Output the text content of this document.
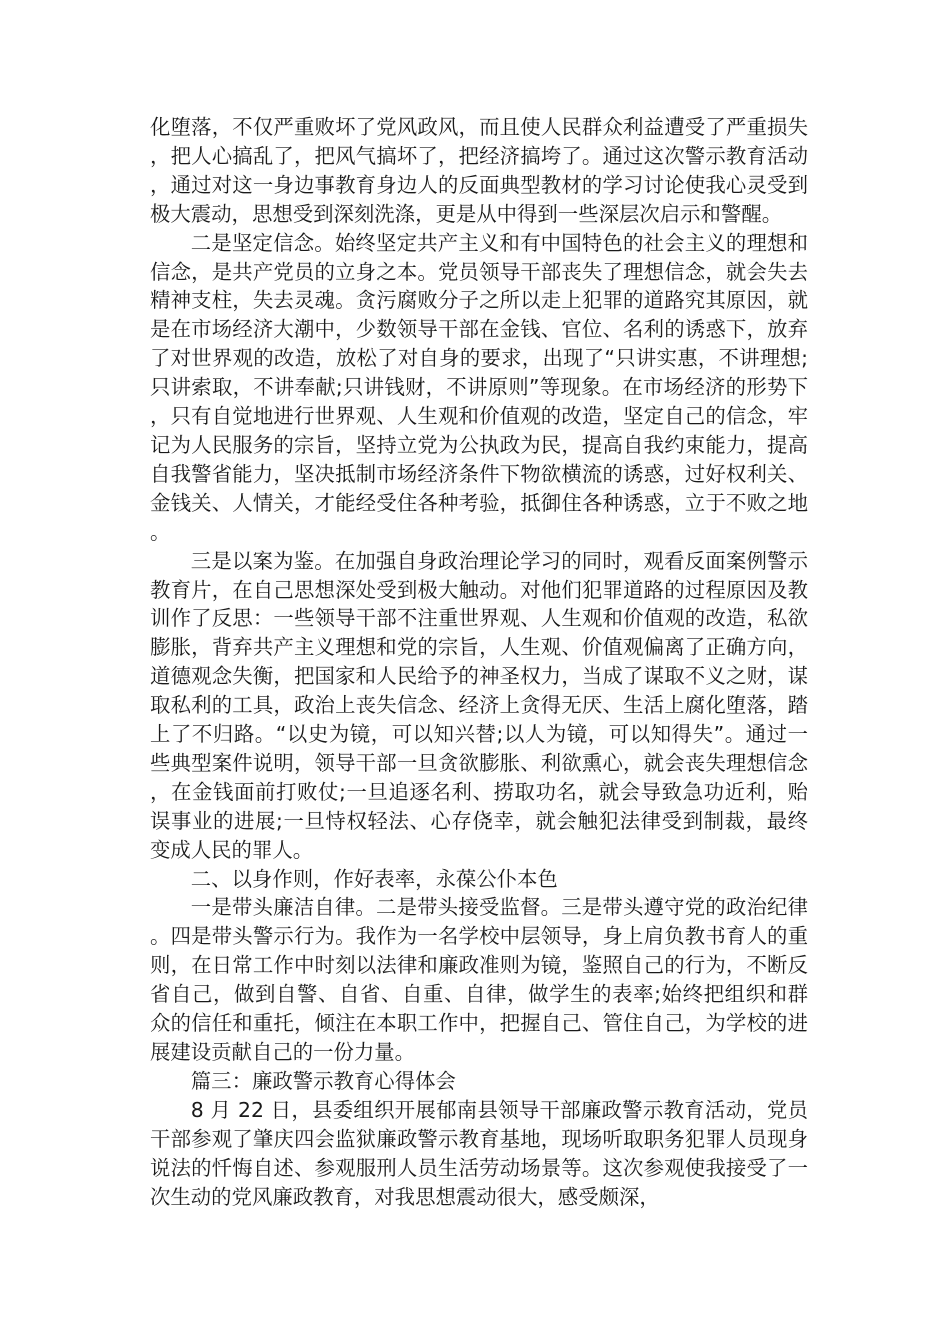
化堕落，不仅严重败坏了党风政风，而且使人民群众利益遭受了严重损失，把人心搞乱了，把风气搞坏了，把经济搞垮了。通过这次警示教育活动，通过对这一身边事教育身边人的反面典型教材的学习讨论使我心灵受到极大震动，思想受到深刻洗涤，更是从中得到一些深层次启示和警醒。

二是坚定信念。始终坚定共产主义和有中国特色的社会主义的理想和信念，是共产党员的立身之本。党员领导干部丧失了理想信念，就会失去精神支柱，失去灵魂。贪污腐败分子之所以走上犯罪的道路究其原因，就是在市场经济大潮中，少数领导干部在金钱、官位、名利的诱惑下，放弃了对世界观的改造，放松了对自身的要求，出现了“只讲实惠，不讲理想;只讲索取，不讲奉献;只讲钱财，不讲原则”等现象。在市场经济的形势下，只有自觉地进行世界观、人生观和价值观的改造，坚定自己的信念，牢记为人民服务的宗旨，坚持立党为公执政为民，提高自我约束能力，提高自我警省能力，坚决抵制市场经济条件下物欲横流的诱惑，过好权利关、金钱关、人情关，才能经受住各种考验，抵御住各种诱惑，立于不败之地。

三是以案为鉴。在加强自身政治理论学习的同时，观看反面案例警示教育片，在自己思想深处受到极大触动。对他们犯罪道路的过程原因及教训作了反思：一些领导干部不注重世界观、人生观和价值观的改造，私欲膨胀，背弃共产主义理想和党的宗旨，人生观、价值观偏离了正确方向，道德观念失衡，把国家和人民给予的神圣权力，当成了谋取不义之财，谋取私利的工具，政治上丧失信念、经济上贪得无厌、生活上腐化堕落，踏上了不归路。“以史为镜，可以知兴替;以人为镜，可以知得失”。通过一些典型案件说明，领导干部一旦贪欲膨胀、利欲熏心，就会丧失理想信念，在金钱面前打败仗;一旦追逐名利、捞取功名，就会导致急功近利，贻误事业的进展;一旦恃权轻法、心存侥幸，就会触犯法律受到制裁，最终变成人民的罪人。

二、以身作则，作好表率，永葆公仆本色

一是带头廉洁自律。二是带头接受监督。三是带头遵守党的政治纪律。四是带头警示行为。我作为一名学校中层领导，身上肩负教书育人的重则，在日常工作中时刻以法律和廉政准则为镜，鉴照自己的行为，不断反省自己，做到自警、自省、自重、自律，做学生的表率;始终把组织和群众的信任和重托，倾注在本职工作中，把握自己、管住自己，为学校的进展建设贡献自己的一份力量。

篇三：廉政警示教育心得体会

8 月 22 日，县委组织开展郁南县领导干部廉政警示教育活动，党员干部参观了肇庆四会监狱廉政警示教育基地，现场听取职务犯罪人员现身说法的忏悔自述、参观服刑人员生活劳动场景等。这次参观使我接受了一次生动的党风廉政教育，对我思想震动很大，感受颇深，
